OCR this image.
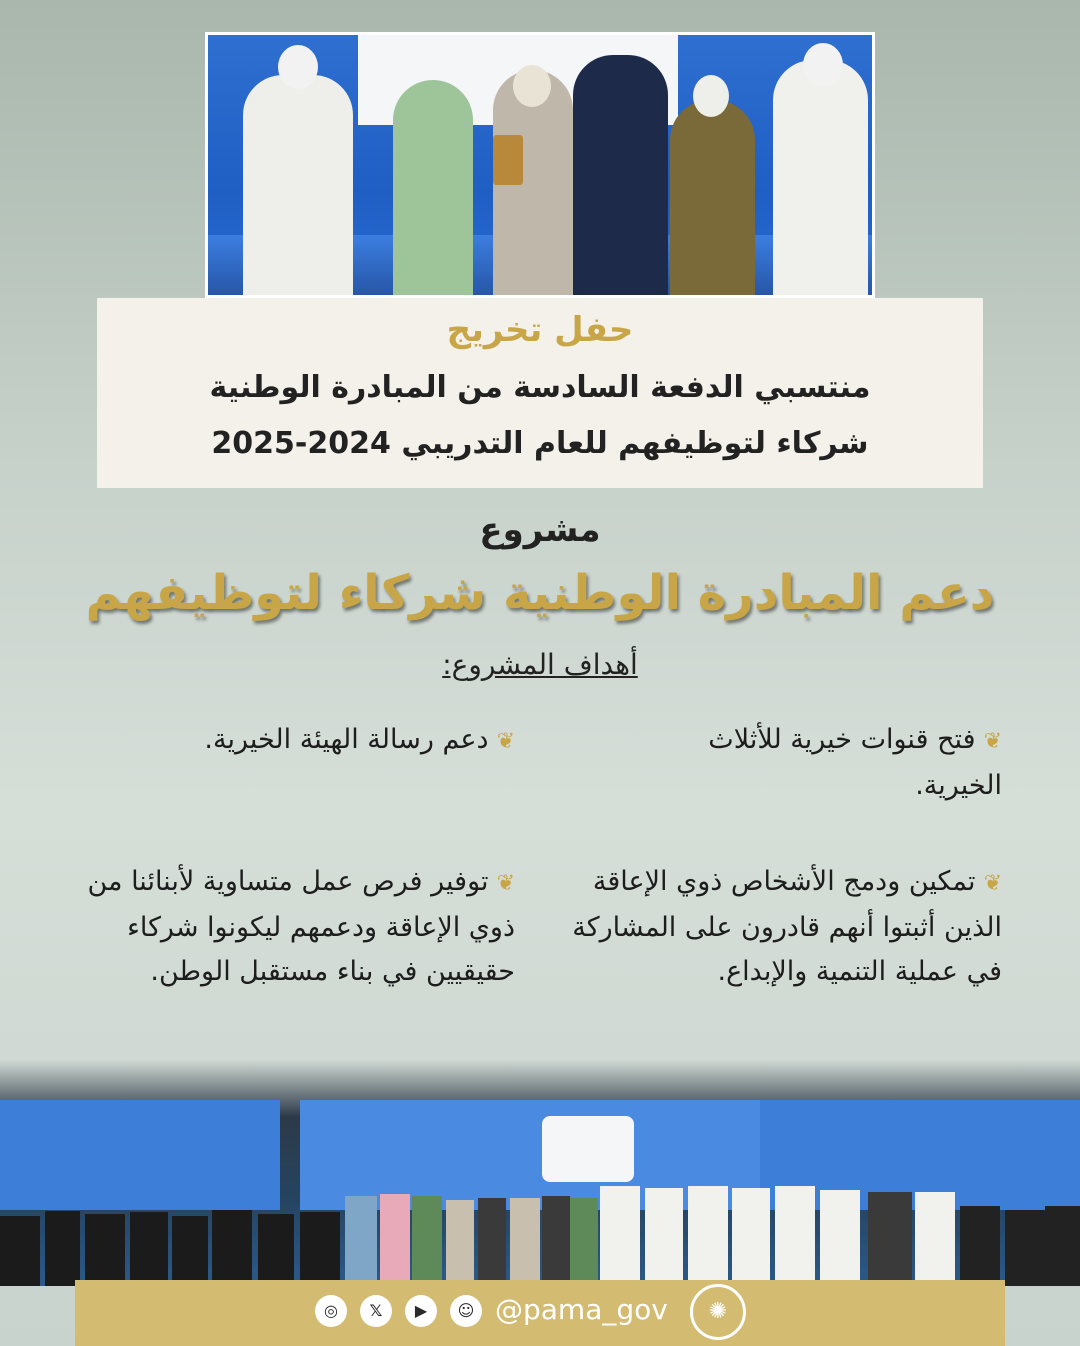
حفل تخريج
منتسبي الدفعة السادسة من المبادرة الوطنية
شركاء لتوظيفهم للعام التدريبي 2024-2025
مشروع
دعم المبادرة الوطنية شركاء لتوظيفهم
أهداف المشروع:
❦فتح قنوات خيرية للأثلاث الخيرية.
❦دعم رسالة الهيئة الخيرية.
❦تمكين ودمج الأشخاص ذوي الإعاقة الذين أثبتوا أنهم قادرون على المشاركة في عملية التنمية والإبداع.
❦توفير فرص عمل متساوية لأبنائنا من ذوي الإعاقة ودعمهم ليكونوا شركاء حقيقيين في بناء مستقبل الوطن.
◎	𝕏	▶	☺ @pama_gov	✺
